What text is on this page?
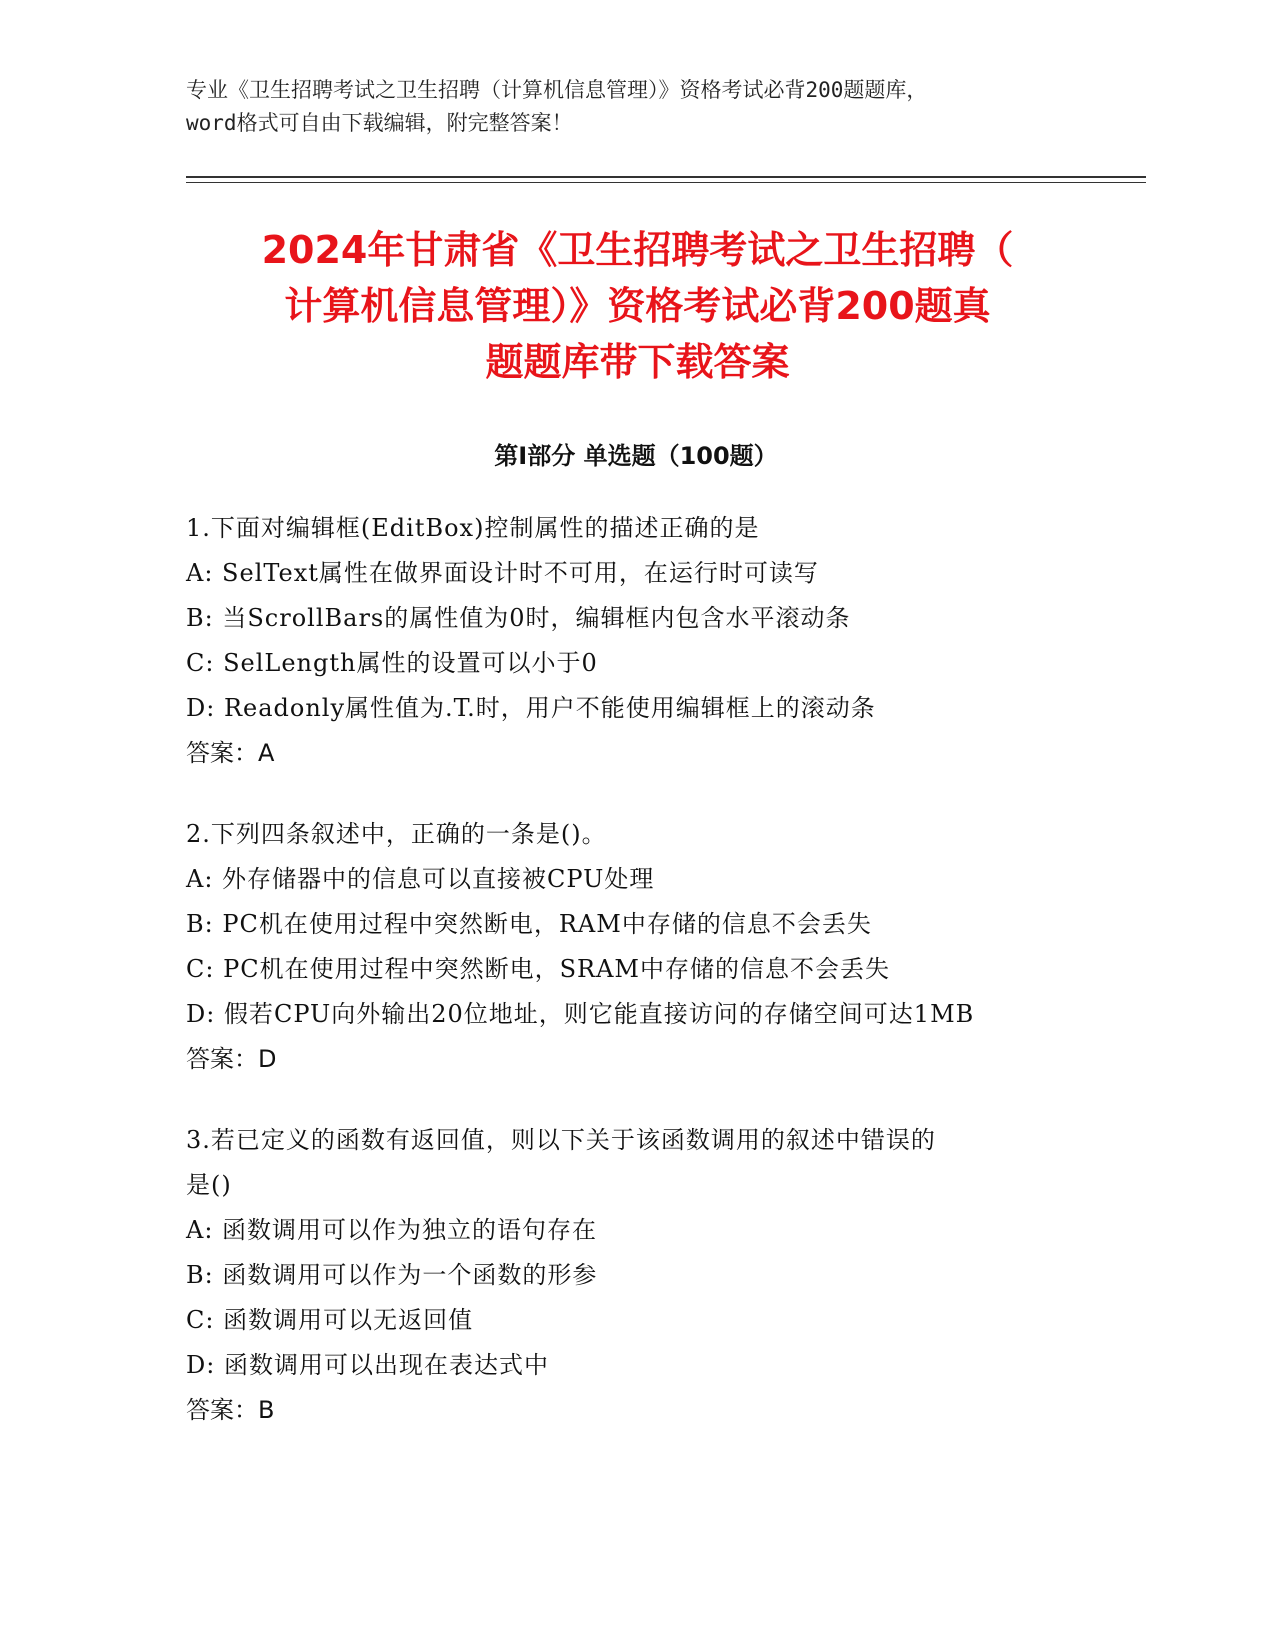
专业《卫生招聘考试之卫生招聘（计算机信息管理）》资格考试必背200题题库，
word格式可自由下载编辑，附完整答案！
2024年甘肃省《卫生招聘考试之卫生招聘（
计算机信息管理）》资格考试必背200题真
题题库带下载答案
第Ⅰ部分 单选题（100题）
1.下面对编辑框(EditBox)控制属性的描述正确的是
A: SelText属性在做界面设计时不可用，在运行时可读写
B: 当ScrollBars的属性值为0时，编辑框内包含水平滚动条
C: SelLength属性的设置可以小于0
D: Readonly属性值为.T.时，用户不能使用编辑框上的滚动条
答案：A
2.下列四条叙述中，正确的一条是()。
A: 外存储器中的信息可以直接被CPU处理
B: PC机在使用过程中突然断电，RAM中存储的信息不会丢失
C: PC机在使用过程中突然断电，SRAM中存储的信息不会丢失
D: 假若CPU向外输出20位地址，则它能直接访问的存储空间可达1MB
答案：D
3.若已定义的函数有返回值，则以下关于该函数调用的叙述中错误的
是()
A: 函数调用可以作为独立的语句存在
B: 函数调用可以作为一个函数的形参
C: 函数调用可以无返回值
D: 函数调用可以出现在表达式中
答案：B
